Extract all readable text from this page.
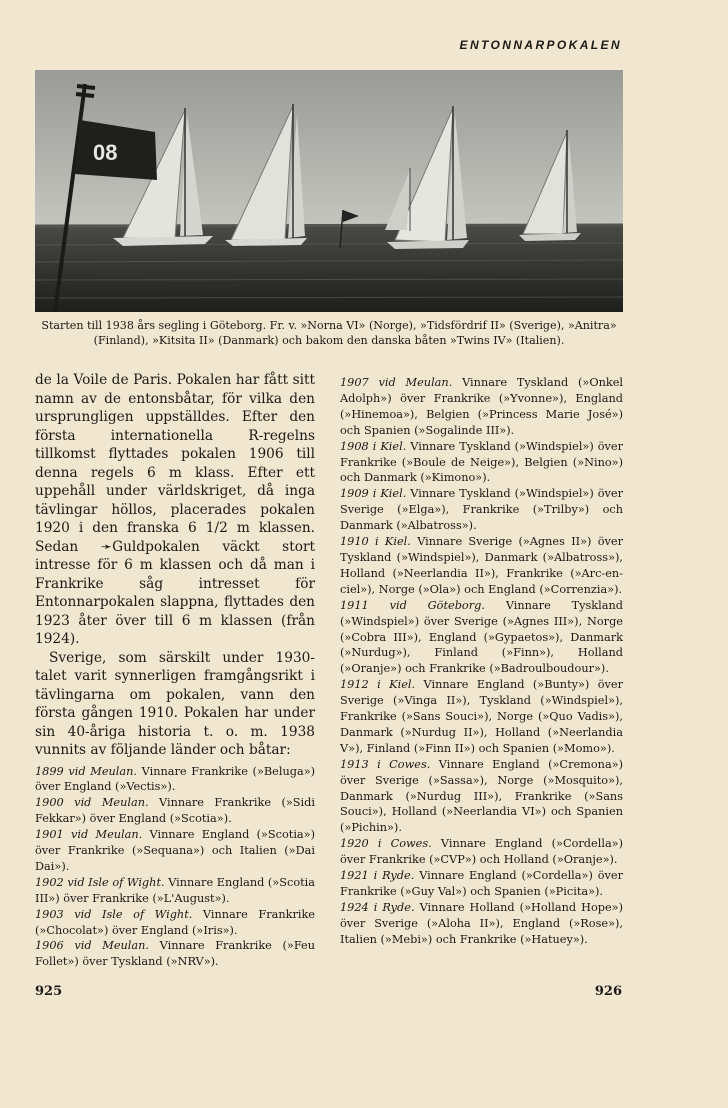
ENTONNARPOKALEN
08
Starten till 1938 års segling i Göteborg. Fr. v. »Norna VI» (Norge), »Tidsfördrif II» (Sverige), »Anitra» (Finland), »Kitsita II» (Danmark) och bakom den danska båten »Twins IV» (Italien).

de la Voile de Paris. Pokalen har fått sitt namn av de entonsbåtar, för vilka den ursprungligen uppställdes. Efter den första internationella R-regelns tillkomst flyttades pokalen 1906 till denna regels 6 m klass. Efter ett uppehåll under världskriget, då inga tävlingar höllos, placerades pokalen 1920 i den franska 6 1/2 m klassen. Sedan ➛Guldpokalen väckt stort intresse för 6 m klassen och då man i Frankrike såg intresset för Entonnarpokalen slappna, flyttades den 1923 åter över till 6 m klassen (från 1924).

Sverige, som särskilt under 1930-talet varit synnerligen framgångsrikt i tävlingarna om pokalen, vann den första gången 1910. Pokalen har under sin 40-åriga historia t. o. m. 1938 vunnits av följande länder och båtar:

1899 vid Meulan. Vinnare Frankrike (»Beluga») över England (»Vectis»).

1900 vid Meulan. Vinnare Frankrike (»Sidi Fekkar») över England (»Scotia»).

1901 vid Meulan. Vinnare England (»Scotia») över Frankrike (»Sequana») och Italien (»Dai Dai»).

1902 vid Isle of Wight. Vinnare England (»Scotia III») över Frankrike (»L'August»).

1903 vid Isle of Wight. Vinnare Frankrike (»Chocolat») över England (»Iris»).

1906 vid Meulan. Vinnare Frankrike (»Feu Follet») över Tyskland (»NRV»).

1907 vid Meulan. Vinnare Tyskland (»Onkel Adolph») över Frankrike (»Yvonne»), England (»Hinemoa»), Belgien (»Princess Marie José») och Spanien (»Sogalinde III»).

1908 i Kiel. Vinnare Tyskland (»Windspiel») över Frankrike (»Boule de Neige»), Belgien (»Nino») och Danmark (»Kimono»).

1909 i Kiel. Vinnare Tyskland (»Windspiel») över Sverige (»Elga»), Frankrike (»Trilby») och Danmark (»Albatross»).

1910 i Kiel. Vinnare Sverige (»Agnes II») över Tyskland (»Windspiel»), Danmark (»Albatross»), Holland (»Neerlandia II»), Frankrike (»Arc-en-ciel»), Norge (»Ola») och England (»Correnzia»).

1911 vid Göteborg. Vinnare Tyskland (»Windspiel») över Sverige (»Agnes III»), Norge (»Cobra III»), England (»Gypaetos»), Danmark (»Nurdug»), Finland (»Finn»), Holland (»Oranje») och Frankrike (»Badroulboudour»).

1912 i Kiel. Vinnare England (»Bunty») över Sverige (»Vinga II»), Tyskland (»Windspiel»), Frankrike (»Sans Souci»), Norge (»Quo Vadis»), Danmark (»Nurdug II»), Holland (»Neerlandia V»), Finland (»Finn II») och Spanien (»Momo»).

1913 i Cowes. Vinnare England (»Cremona») över Sverige (»Sassa»), Norge (»Mosquito»), Danmark (»Nurdug III»), Frankrike (»Sans Souci»), Holland (»Neerlandia VI») och Spanien (»Pichin»).

1920 i Cowes. Vinnare England (»Cordella») över Frankrike (»CVP») och Holland (»Oranje»).

1921 i Ryde. Vinnare England (»Cordella») över Frankrike (»Guy Val») och Spanien (»Picita»).

1924 i Ryde. Vinnare Holland (»Holland Hope») över Sverige (»Aloha II»), England (»Rose»), Italien (»Mebi») och Frankrike (»Hatuey»).

925	926
